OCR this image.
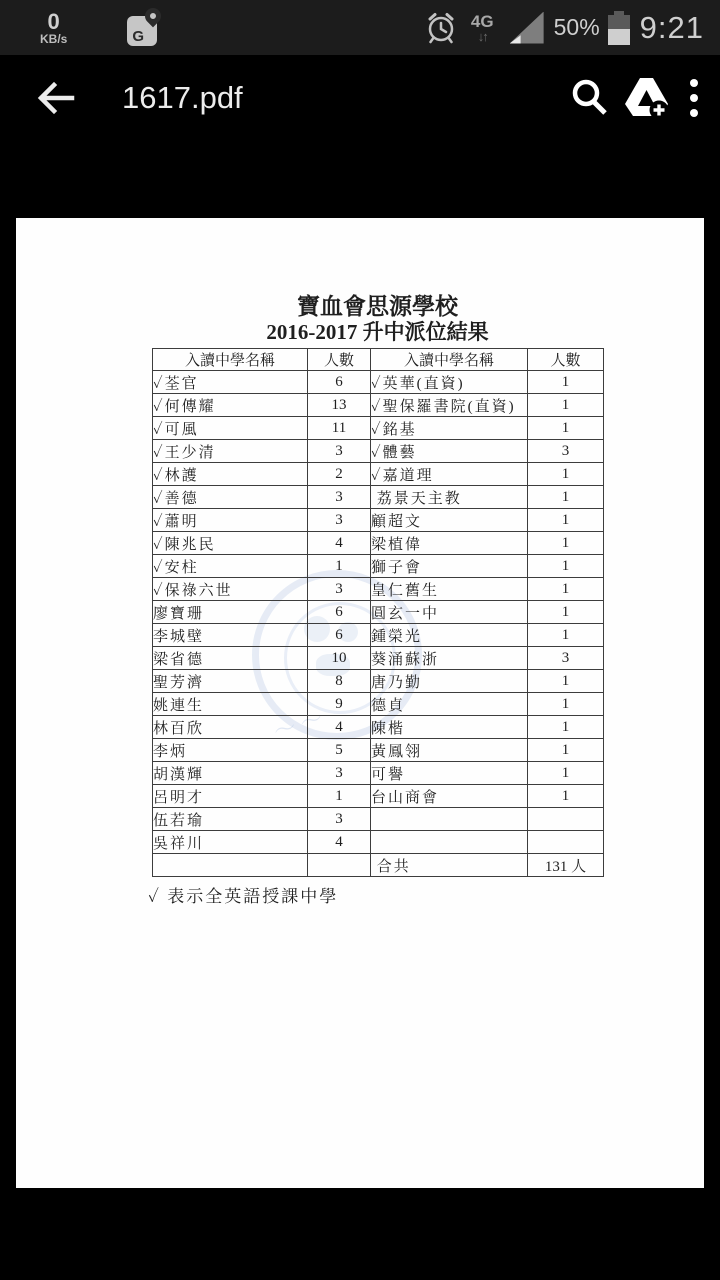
0
KB/s	G
4G
↓↑	50% 9:21
1617.pdf
〜〜
寶血會思源學校
2016-2017 升中派位結果
入讀中學名稱	人數	入讀中學名稱	人數
✓荃官	6	✓英華(直資)	1
✓何傳耀	13	✓聖保羅書院(直資)	1
✓可風	11	✓銘基	1
✓王少清	3	✓體藝	3
✓林護	2	✓嘉道理	1
✓善德	3	荔景天主教	1
✓蕭明	3	顧超文	1
✓陳兆民	4	梁植偉	1
✓安柱	1	獅子會	1
✓保祿六世	3	皇仁舊生	1
廖寶珊	6	圓玄一中	1
李城壁	6	鍾榮光	1
梁省德	10	葵涌蘇浙	3
聖芳濟	8	唐乃勤	1
姚連生	9	德貞	1
林百欣	4	陳楷	1
李炳	5	黃鳳翎	1
胡漢輝	3	可譽	1
呂明才	1	台山商會	1
伍若瑜	3		
吳祥川	4		
		合共	131 人
✓ 表示全英語授課中學
